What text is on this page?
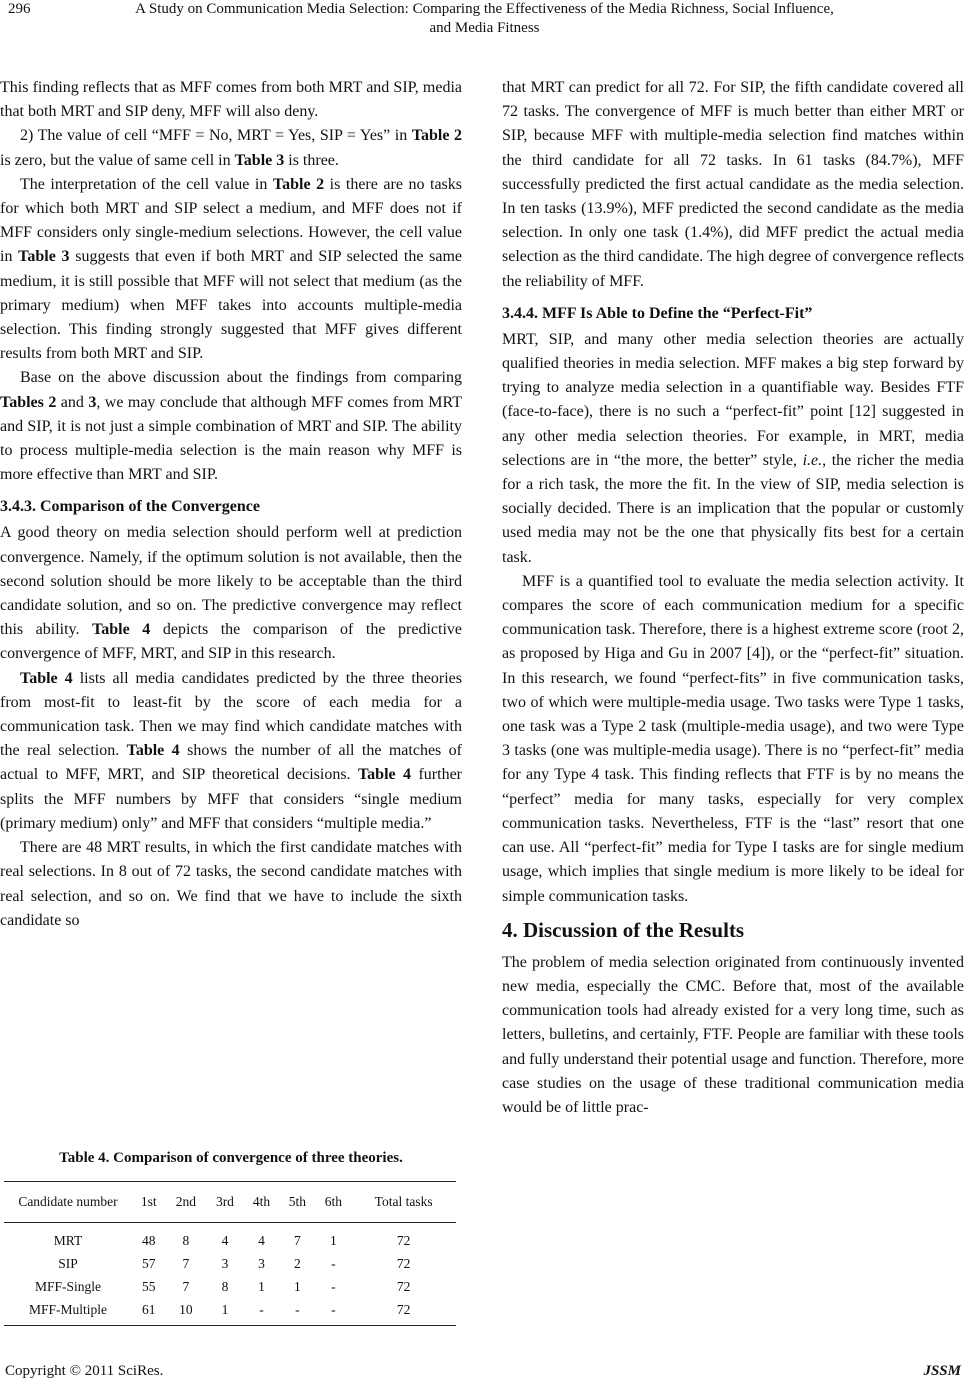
296	A Study on Communication Media Selection: Comparing the Effectiveness of the Media Richness, Social Influence,
and Media Fitness

This finding reflects that as MFF comes from both MRT and SIP, media that both MRT and SIP deny, MFF will also deny.

2) The value of cell “MFF = No, MRT = Yes, SIP = Yes” in Table 2 is zero, but the value of same cell in Table 3 is three.

The interpretation of the cell value in Table 2 is there are no tasks for which both MRT and SIP select a medium, and MFF does not if MFF considers only single-medium selections. However, the cell value in Table 3 suggests that even if both MRT and SIP selected the same medium, it is still possible that MFF will not select that medium (as the primary medium) when MFF takes into accounts multiple-media selection. This finding strongly suggested that MFF gives different results from both MRT and SIP.

Base on the above discussion about the findings from comparing Tables 2 and 3, we may conclude that although MFF comes from MRT and SIP, it is not just a simple combination of MRT and SIP. The ability to process multiple-media selection is the main reason why MFF is more effective than MRT and SIP.

3.4.3. Comparison of the Convergence

A good theory on media selection should perform well at prediction convergence. Namely, if the optimum solution is not available, then the second solution should be more likely to be acceptable than the third candidate solution, and so on. The predictive convergence may reflect this ability. Table 4 depicts the comparison of the predictive convergence of MFF, MRT, and SIP in this research.

Table 4 lists all media candidates predicted by the three theories from most-fit to least-fit by the score of each media for a communication task. Then we may find which candidate matches with the real selection. Table 4 shows the number of all the matches of actual to MFF, MRT, and SIP theoretical decisions. Table 4 further splits the MFF numbers by MFF that considers “single medium (primary medium) only” and MFF that considers “multiple media.”

There are 48 MRT results, in which the first candidate matches with real selections. In 8 out of 72 tasks, the second candidate matches with real selection, and so on. We find that we have to include the sixth candidate so

Table 4. Comparison of convergence of three theories.
Candidate number	1st	2nd	3rd	4th	5th	6th	Total tasks
MRT	48	8	4	4	7	1	72
SIP	57	7	3	3	2	-	72
MFF-Single	55	7	8	1	1	-	72
MFF-Multiple	61	10	1	-	-	-	72

that MRT can predict for all 72. For SIP, the fifth candidate covered all 72 tasks. The convergence of MFF is much better than either MRT or SIP, because MFF with multiple-media selection find matches within the third candidate for all 72 tasks. In 61 tasks (84.7%), MFF successfully predicted the first actual candidate as the media selection. In ten tasks (13.9%), MFF predicted the second candidate as the media selection. In only one task (1.4%), did MFF predict the actual media selection as the third candidate. The high degree of convergence reflects the reliability of MFF.

3.4.4. MFF Is Able to Define the “Perfect-Fit”

MRT, SIP, and many other media selection theories are actually qualified theories in media selection. MFF makes a big step forward by trying to analyze media selection in a quantifiable way. Besides FTF (face-to-face), there is no such a “perfect-fit” point [12] suggested in any other media selection theories. For example, in MRT, media selections are in “the more, the better” style, i.e., the richer the media for a rich task, the more the fit. In the view of SIP, media selection is socially decided. There is an implication that the popular or customly used media may not be the one that physically fits best for a certain task.

MFF is a quantified tool to evaluate the media selection activity. It compares the score of each communication medium for a specific communication task. Therefore, there is a highest extreme score (root 2, as proposed by Higa and Gu in 2007 [4]), or the “perfect-fit” situation. In this research, we found “perfect-fits” in five communication tasks, two of which were multiple-media usage. Two tasks were Type 1 tasks, one task was a Type 2 task (multiple-media usage), and two were Type 3 tasks (one was multiple-media usage). There is no “perfect-fit” media for any Type 4 task. This finding reflects that FTF is by no means the “perfect” media for many tasks, especially for very complex communication tasks. Nevertheless, FTF is the “last” resort that one can use. All “perfect-fit” media for Type I tasks are for single medium usage, which implies that single medium is more likely to be ideal for simple communication tasks.

4. Discussion of the Results

The problem of media selection originated from continuously invented new media, especially the CMC. Before that, most of the available communication tools had already existed for a very long time, such as letters, bulletins, and certainly, FTF. People are familiar with these tools and fully understand their potential usage and function. Therefore, more case studies on the usage of these traditional communication media would be of little prac-

Copyright © 2011 SciRes.	JSSM
